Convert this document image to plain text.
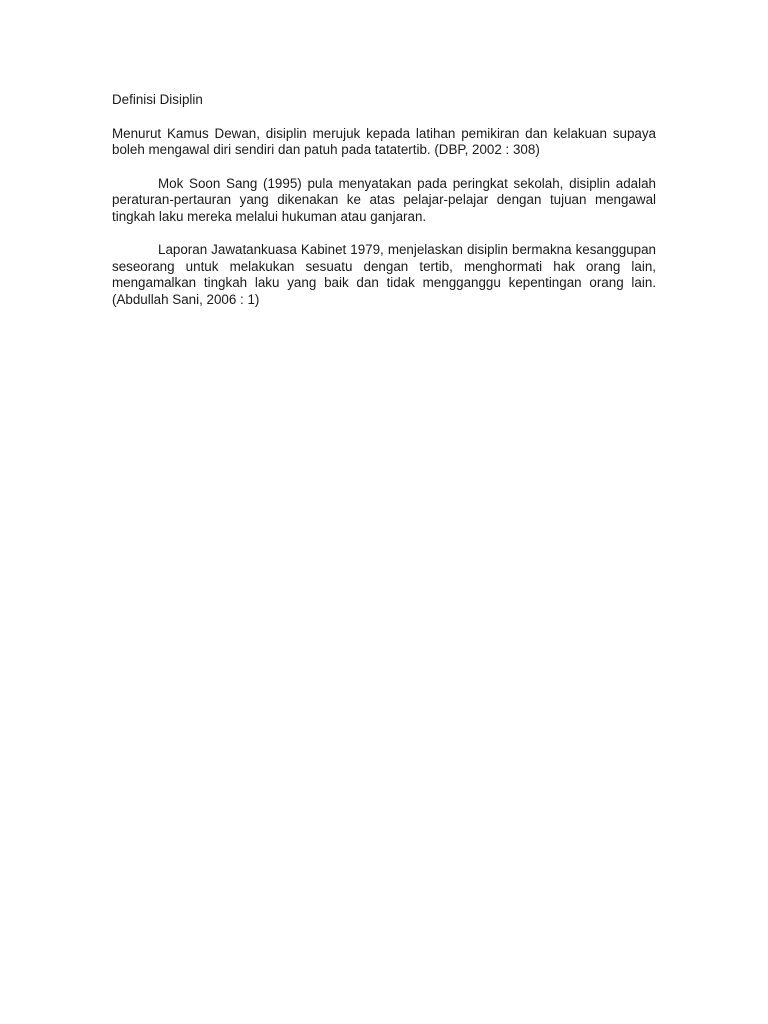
Definisi Disiplin

Menurut Kamus Dewan, disiplin merujuk kepada latihan pemikiran dan kelakuan supaya boleh mengawal diri sendiri dan patuh pada tatatertib. (DBP, 2002 : 308)

Mok Soon Sang (1995) pula menyatakan pada peringkat sekolah, disiplin adalah peraturan-pertauran yang dikenakan ke atas pelajar-pelajar dengan tujuan mengawal tingkah laku mereka melalui hukuman atau ganjaran.

Laporan Jawatankuasa Kabinet 1979, menjelaskan disiplin bermakna kesanggupan seseorang untuk melakukan sesuatu dengan tertib, menghormati hak orang lain, mengamalkan tingkah laku yang baik dan tidak mengganggu kepentingan orang lain. (Abdullah Sani, 2006 : 1)
